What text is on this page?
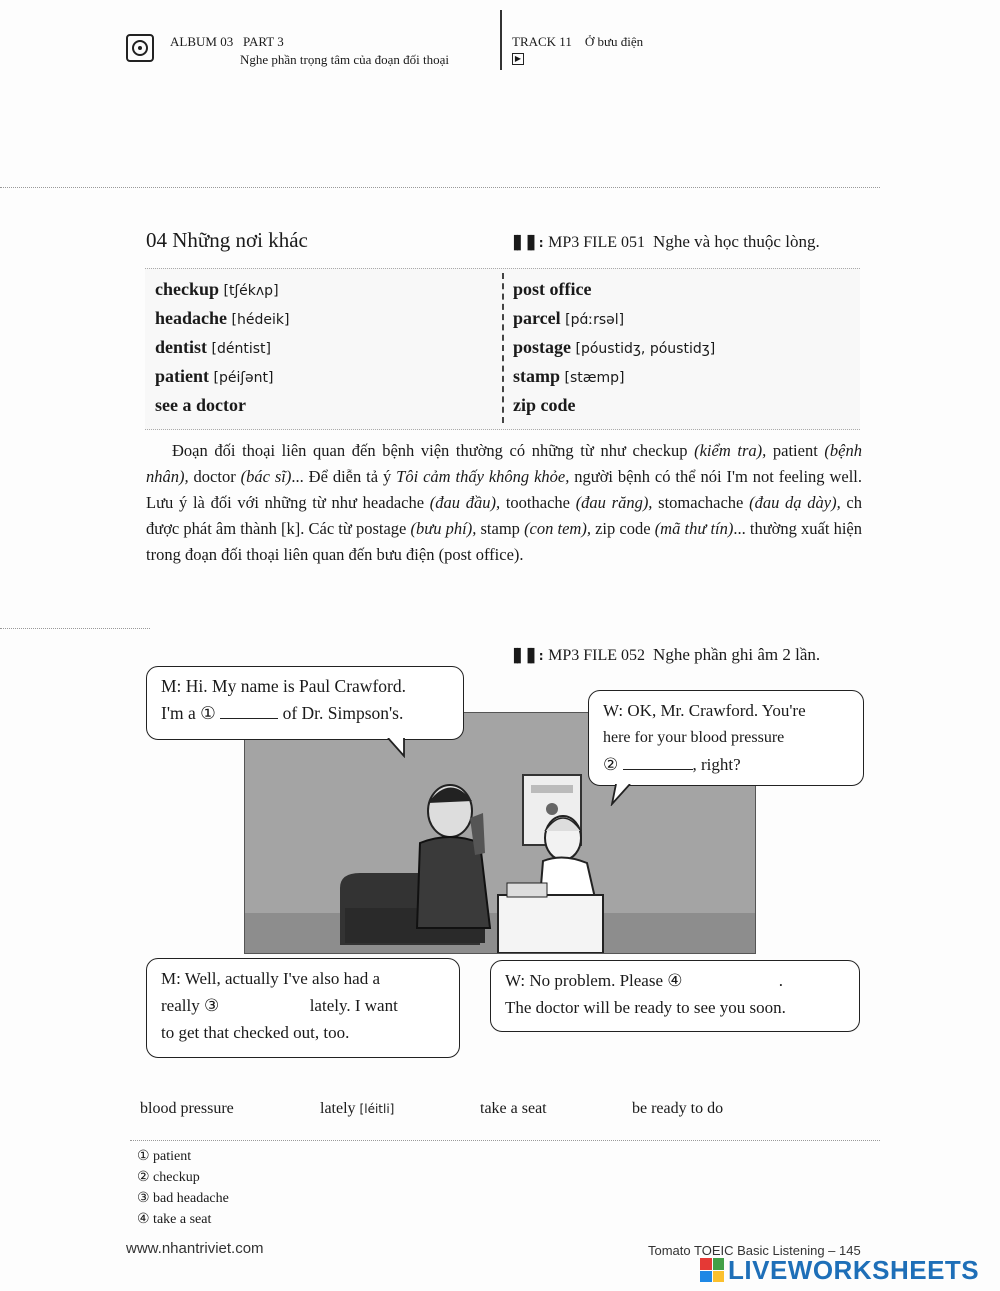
ALBUM 03 PART 3
Nghe phần trọng tâm của đoạn đối thoại
TRACK 11 Ở bưu điện
▶
04 Những nơi khác	▐▌▐▌: MP3 FILE 051 Nghe và học thuộc lòng.
checkup [tʃékʌp]
headache [hédeik]
dentist [déntist]
patient [péiʃənt]
see a doctor
post office
parcel [pɑ́ːrsəl]
postage [póustidʒ, póustidʒ]
stamp [stæmp]
zip code

Đoạn đối thoại liên quan đến bệnh viện thường có những từ như checkup (kiểm tra), patient (bệnh nhân), doctor (bác sĩ)... Để diễn tả ý Tôi cảm thấy không khỏe, người bệnh có thể nói I'm not feeling well. Lưu ý là đối với những từ như headache (đau đầu), toothache (đau răng), stomachache (đau dạ dày), ch được phát âm thành [k]. Các từ postage (bưu phí), stamp (con tem), zip code (mã thư tín)... thường xuất hiện trong đoạn đối thoại liên quan đến bưu điện (post office).

▐▌▐▌: MP3 FILE 052 Nghe phần ghi âm 2 lần.
M: Hi. My name is Paul Crawford.
I'm a ①	of Dr. Simpson's.	W: OK, Mr. Crawford. You're
here for your blood pressure
②	, right?
M: Well, actually I've also had a
really ③	lately. I want
to get that checked out, too.
W: No problem. Please ④	.
The doctor will be ready to see you soon.
blood pressure	lately [léitli]	take a seat	be ready to do
① patient
② checkup
③ bad headache
④ take a seat
www.nhantriviet.com	Tomato TOEIC Basic Listening – 145
LIVEWORKSHEETS
